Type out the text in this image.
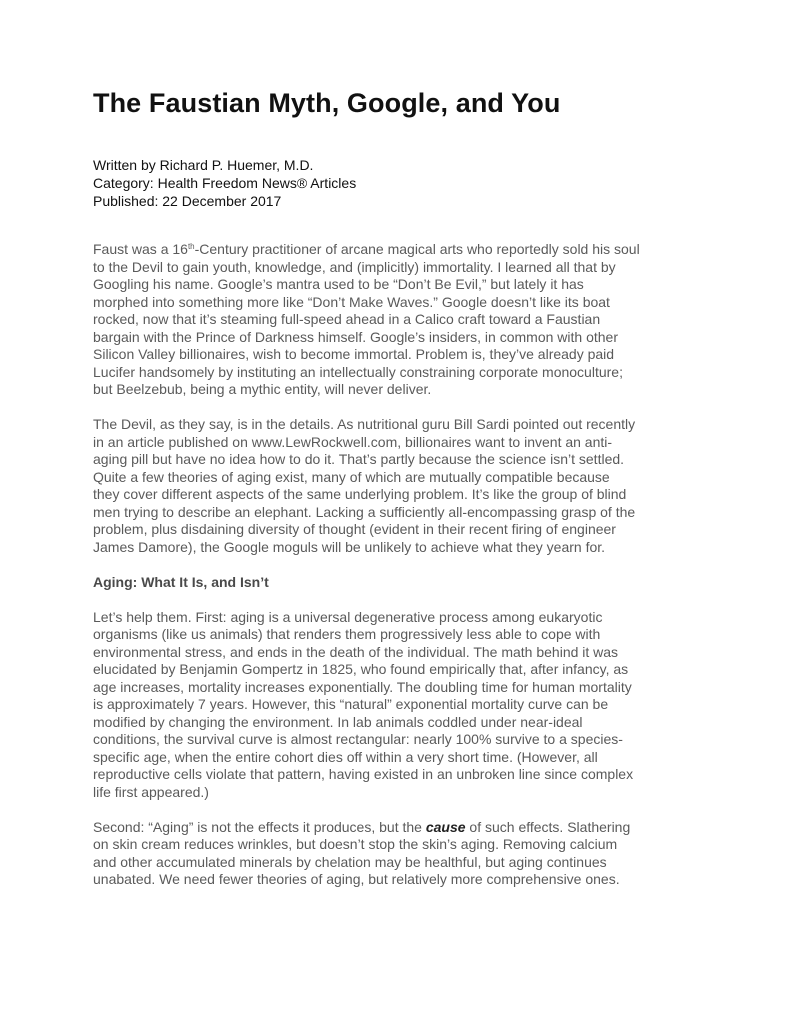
The Faustian Myth, Google, and You
Written by Richard P. Huemer, M.D.
Category: Health Freedom News® Articles
Published: 22 December 2017

Faust was a 16th-Century practitioner of arcane magical arts who reportedly sold his soul
to the Devil to gain youth, knowledge, and (implicitly) immortality. I learned all that by
Googling his name. Google’s mantra used to be “Don’t Be Evil,” but lately it has
morphed into something more like “Don’t Make Waves.” Google doesn’t like its boat
rocked, now that it’s steaming full-speed ahead in a Calico craft toward a Faustian
bargain with the Prince of Darkness himself. Google’s insiders, in common with other
Silicon Valley billionaires, wish to become immortal. Problem is, they’ve already paid
Lucifer handsomely by instituting an intellectually constraining corporate monoculture;
but Beelzebub, being a mythic entity, will never deliver.

The Devil, as they say, is in the details. As nutritional guru Bill Sardi pointed out recently
in an article published on www.LewRockwell.com, billionaires want to invent an anti-
aging pill but have no idea how to do it. That’s partly because the science isn’t settled.
Quite a few theories of aging exist, many of which are mutually compatible because
they cover different aspects of the same underlying problem. It’s like the group of blind
men trying to describe an elephant. Lacking a sufficiently all-encompassing grasp of the
problem, plus disdaining diversity of thought (evident in their recent firing of engineer
James Damore), the Google moguls will be unlikely to achieve what they yearn for.

Aging: What It Is, and Isn’t

Let’s help them. First: aging is a universal degenerative process among eukaryotic
organisms (like us animals) that renders them progressively less able to cope with
environmental stress, and ends in the death of the individual. The math behind it was
elucidated by Benjamin Gompertz in 1825, who found empirically that, after infancy, as
age increases, mortality increases exponentially. The doubling time for human mortality
is approximately 7 years. However, this “natural” exponential mortality curve can be
modified by changing the environment. In lab animals coddled under near-ideal
conditions, the survival curve is almost rectangular: nearly 100% survive to a species-
specific age, when the entire cohort dies off within a very short time. (However, all
reproductive cells violate that pattern, having existed in an unbroken line since complex
life first appeared.)

Second: “Aging” is not the effects it produces, but the cause of such effects. Slathering
on skin cream reduces wrinkles, but doesn’t stop the skin’s aging. Removing calcium
and other accumulated minerals by chelation may be healthful, but aging continues
unabated. We need fewer theories of aging, but relatively more comprehensive ones.
